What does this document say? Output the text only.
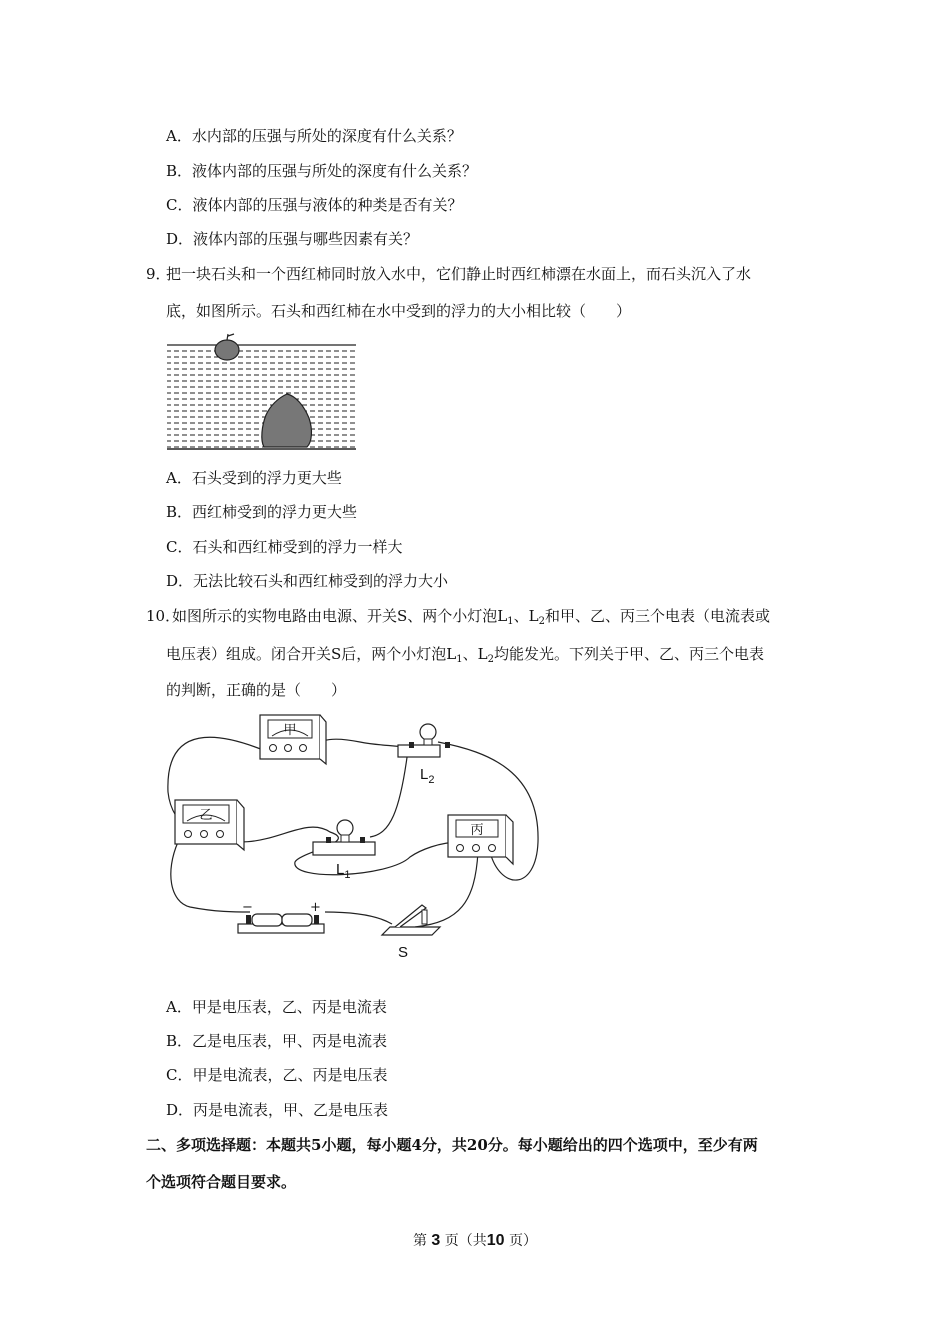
A．水内部的压强与所处的深度有什么关系？
B．液体内部的压强与所处的深度有什么关系？
C．液体内部的压强与液体的种类是否有关？
D．液体内部的压强与哪些因素有关？
9．
把一块石头和一个西红柿同时放入水中，它们静止时西红柿漂在水面上，而石头沉入了水
底，如图所示。石头和西红柿在水中受到的浮力的大小相比较（　　）
A．石头受到的浮力更大些
B．西红柿受到的浮力更大些
C．石头和西红柿受到的浮力一样大
D．无法比较石头和西红柿受到的浮力大小
10．
如图所示的实物电路由电源、开关S、两个小灯泡$L_1$、$L_2$和甲、乙、丙三个电表（电流表或
电压表）组成。闭合开关S后，两个小灯泡$L_1$、$L_2$均能发光。下列关于甲、乙、丙三个电表
的判断，正确的是（　　）
甲
乙
丙
$L_2$
$L_1$
−	+
S
A．甲是电压表，乙、丙是电流表
B．乙是电压表，甲、丙是电流表
C．甲是电流表，乙、丙是电压表
D．丙是电流表，甲、乙是电压表
二、多项选择题：本题共5小题，每小题4分，共20分。每小题给出的四个选项中，至少有两
个选项符合题目要求。
第 3 页（共10 页）
